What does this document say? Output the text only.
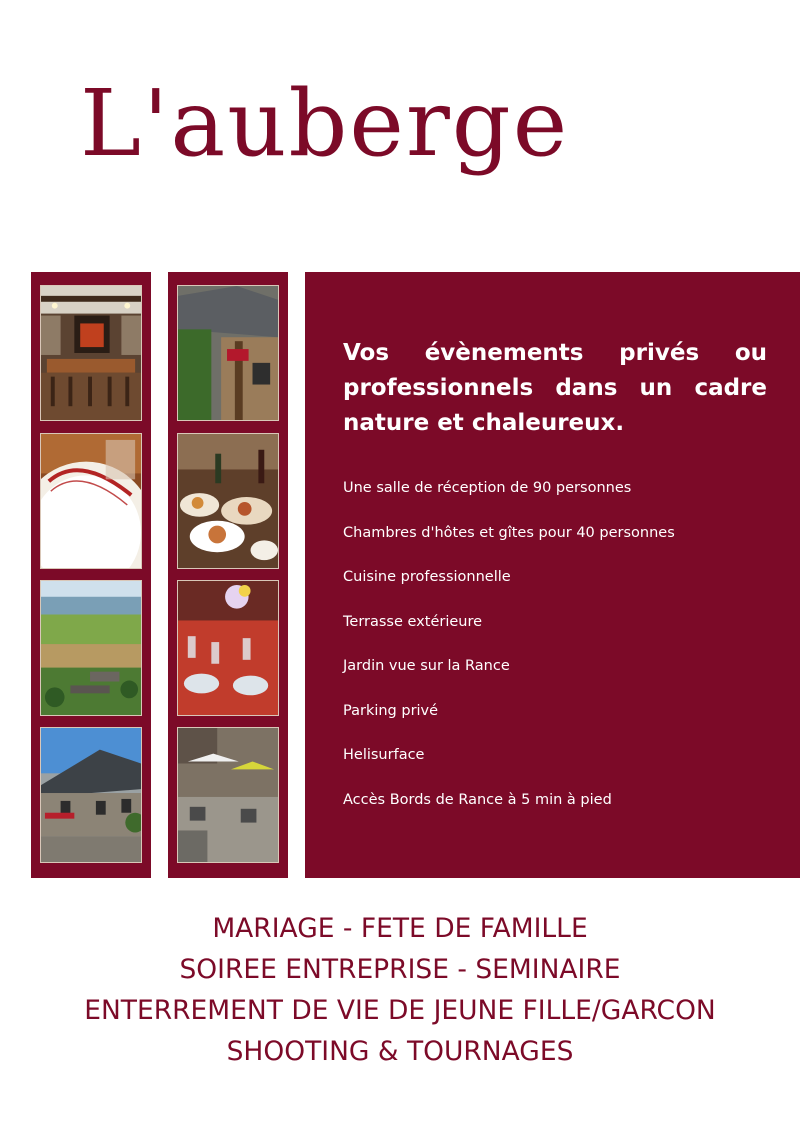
L'auberge

Vos évènements privés ou professionnels dans un cadre nature et chaleureux.

Une salle de réception de 90 personnes
Chambres d'hôtes et gîtes pour 40 personnes
Cuisine professionnelle
Terrasse extérieure
Jardin vue sur la Rance
Parking privé
Helisurface
Accès Bords de Rance à 5 min à pied
MARIAGE - FETE DE FAMILLE
SOIREE ENTREPRISE - SEMINAIRE
ENTERREMENT DE VIE DE JEUNE FILLE/GARCON
SHOOTING & TOURNAGES
